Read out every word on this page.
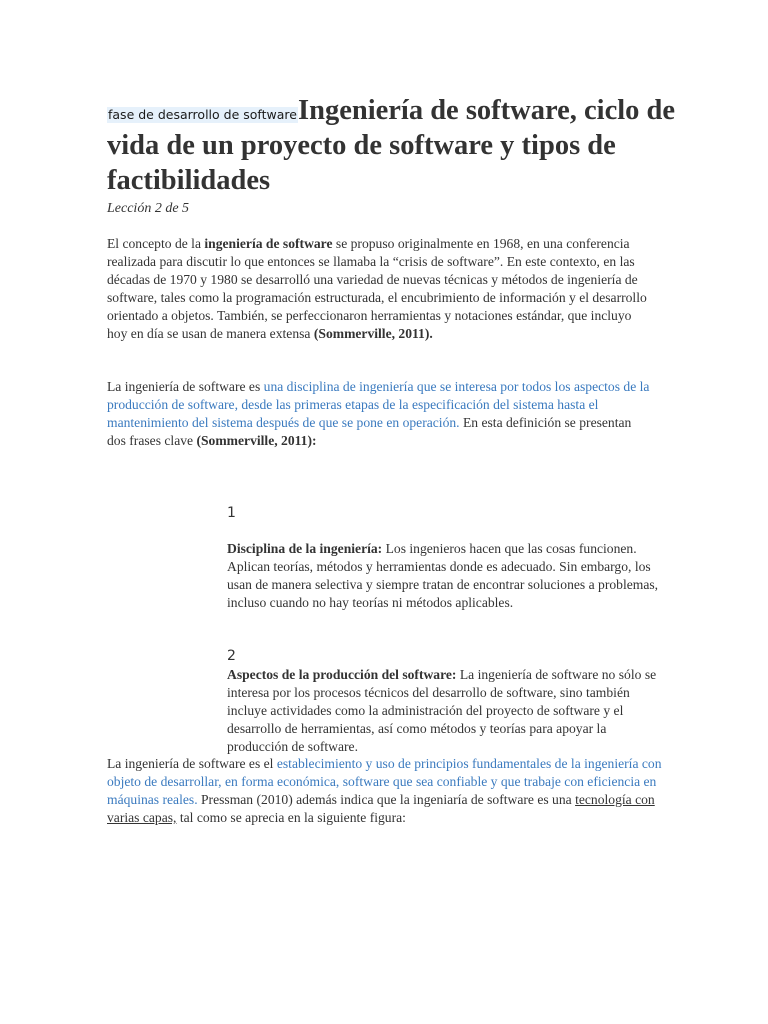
fase de desarrollo de software Ingeniería de software, ciclo de vida de un proyecto de software y tipos de factibilidades
Lección 2 de 5

El concepto de la ingeniería de software se propuso originalmente en 1968, en una conferencia realizada para discutir lo que entonces se llamaba la “crisis de software”. En este contexto, en las décadas de 1970 y 1980 se desarrolló una variedad de nuevas técnicas y métodos de ingeniería de software, tales como la programación estructurada, el encubrimiento de información y el desarrollo orientado a objetos. También, se perfeccionaron herramientas y notaciones estándar, que incluyo hoy en día se usan de manera extensa (Sommerville, 2011).

La ingeniería de software es una disciplina de ingeniería que se interesa por todos los aspectos de la producción de software, desde las primeras etapas de la especificación del sistema hasta el mantenimiento del sistema después de que se pone en operación. En esta definición se presentan dos frases clave (Sommerville, 2011):

1

Disciplina de la ingeniería: Los ingenieros hacen que las cosas funcionen. Aplican teorías, métodos y herramientas donde es adecuado. Sin embargo, los usan de manera selectiva y siempre tratan de encontrar soluciones a problemas, incluso cuando no hay teorías ni métodos aplicables.

2

Aspectos de la producción del software: La ingeniería de software no sólo se interesa por los procesos técnicos del desarrollo de software, sino también incluye actividades como la administración del proyecto de software y el desarrollo de herramientas, así como métodos y teorías para apoyar la producción de software.

La ingeniería de software es el establecimiento y uso de principios fundamentales de la ingeniería con objeto de desarrollar, en forma económica, software que sea confiable y que trabaje con eficiencia en máquinas reales. Pressman (2010) además indica que la ingeniaría de software es una tecnología con varias capas, tal como se aprecia en la siguiente figura:
